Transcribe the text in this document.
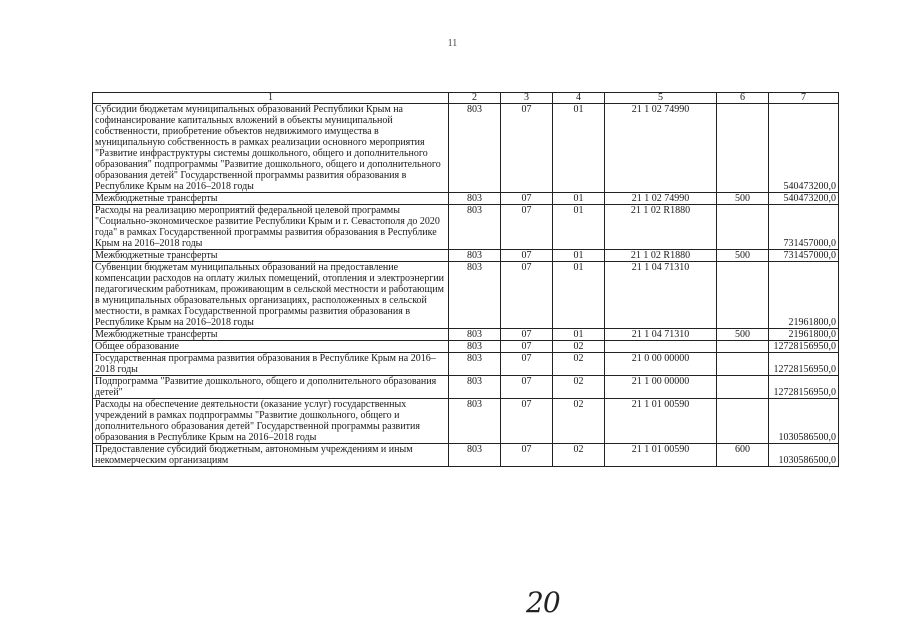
11
1	2	3	4	5	6	7
Субсидии бюджетам муниципальных образований Республики Крым на софинансирование капитальных вложений в объекты муниципальной собственности, приобретение объектов недвижимого имущества в муниципальную собственность в рамках реализации основного мероприятия "Развитие инфраструктуры системы дошкольного, общего и дополнительного образования" подпрограммы "Развитие дошкольного, общего и дополнительного образования детей" Государственной программы развития образования в Республике Крым на 2016–2018 годы	803	07	01	21 1 02 74990		540473200,0
Межбюджетные трансферты	803	07	01	21 1 02 74990	500	540473200,0
Расходы на реализацию мероприятий федеральной целевой программы "Социально-экономическое развитие Республики Крым и г. Севастополя до 2020 года" в рамках Государственной программы развития образования в Республике Крым на 2016–2018 годы	803	07	01	21 1 02 R1880		731457000,0
Межбюджетные трансферты	803	07	01	21 1 02 R1880	500	731457000,0
Субвенции бюджетам муниципальных образований на предоставление компенсации расходов на оплату жилых помещений, отопления и электроэнергии педагогическим работникам, проживающим в сельской местности и работающим в муниципальных образовательных организациях, расположенных в сельской местности, в рамках Государственной программы развития образования в Республике Крым на 2016–2018 годы	803	07	01	21 1 04 71310		21961800,0
Межбюджетные трансферты	803	07	01	21 1 04 71310	500	21961800,0
Общее образование	803	07	02			12728156950,0
Государственная программа развития образования в Республике Крым на 2016–2018 годы	803	07	02	21 0 00 00000		12728156950,0
Подпрограмма "Развитие дошкольного, общего и дополнительного образования детей"	803	07	02	21 1 00 00000		12728156950,0
Расходы на обеспечение деятельности (оказание услуг) государственных учреждений в рамках подпрограммы "Развитие дошкольного, общего и дополнительного образования детей" Государственной программы развития образования в Республике Крым на 2016–2018 годы	803	07	02	21 1 01 00590		1030586500,0
Предоставление субсидий бюджетным, автономным учреждениям и иным некоммерческим организациям	803	07	02	21 1 01 00590	600	1030586500,0
20
